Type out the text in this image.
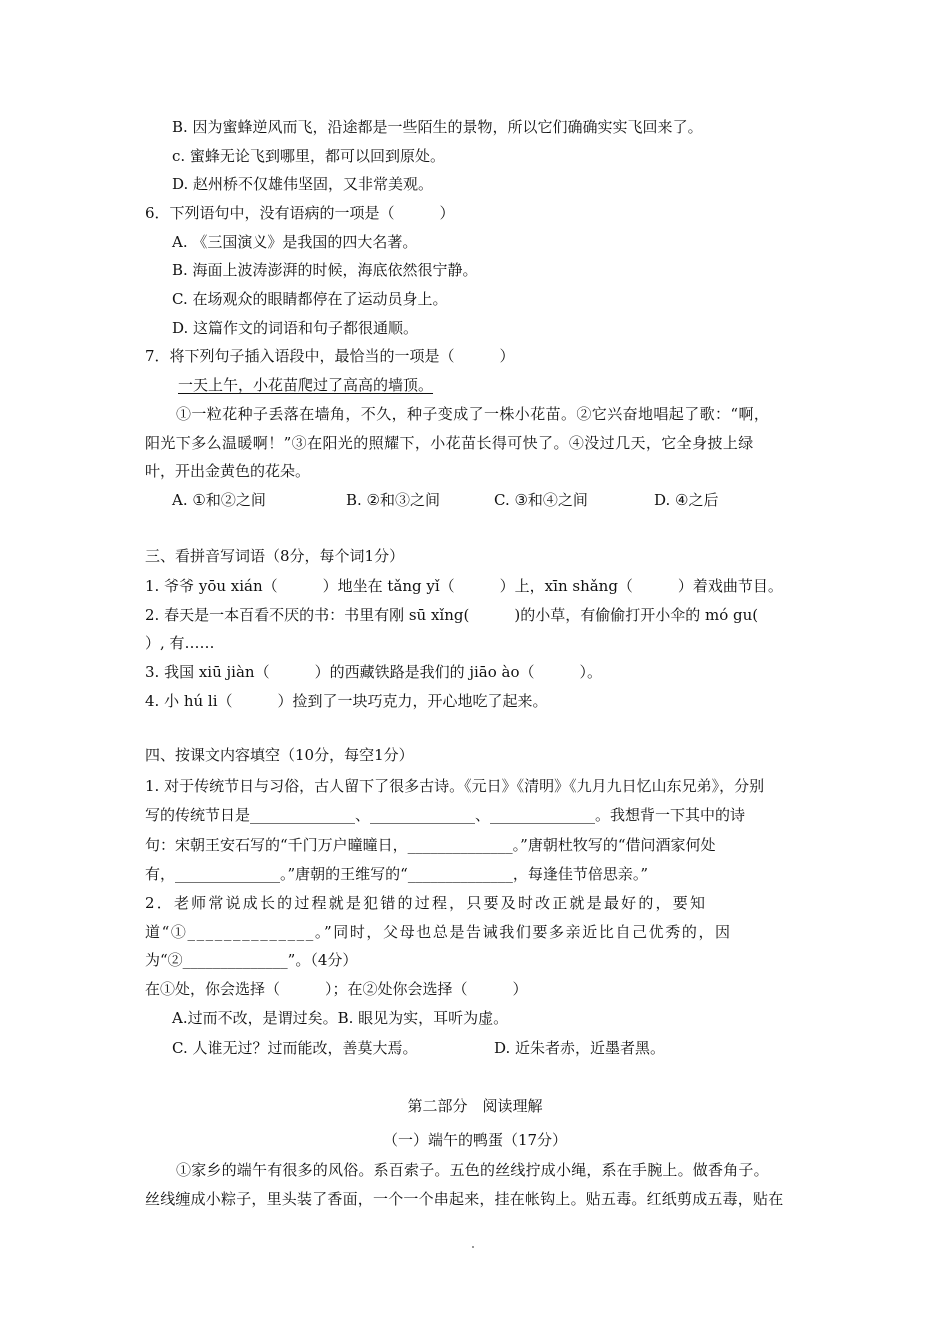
B. 因为蜜蜂逆风而飞，沿途都是一些陌生的景物，所以它们确确实实飞回来了。
c. 蜜蜂无论飞到哪里，都可以回到原处。
D. 赵州桥不仅雄伟坚固，又非常美观。
6．下列语句中，没有语病的一项是（　　　）
A. 《三国演义》是我国的四大名著。
B. 海面上波涛澎湃的时候，海底依然很宁静。
C. 在场观众的眼睛都停在了运动员身上。
D. 这篇作文的词语和句子都很通顺。
7．将下列句子插入语段中，最恰当的一项是（　　　）
一天上午，小花苗爬过了高高的墙顶。
①一粒花种子丢落在墙角，不久，种子变成了一株小花苗。②它兴奋地唱起了歌：“啊，
阳光下多么温暖啊！”③在阳光的照耀下，小花苗长得可快了。④没过几天，它全身披上绿
叶，开出金黄色的花朵。
A. ①和②之间	B. ②和③之间	C. ③和④之间	D. ④之后
三、看拼音写词语（8分，每个词1分）
1. 爷爷 yōu xián（　　　）地坐在 tǎng yǐ（　　　）上，xīn shǎng（　　　）着戏曲节目。
2. 春天是一本百看不厌的书：书里有刚 sū xǐng(　　　)的小草，有偷偷打开小伞的 mó gu(
）, 有……
3. 我国 xiū jiàn（　　　）的西藏铁路是我们的 jiāo ào（　　　）。
4. 小 hú li（　　　）捡到了一块巧克力，开心地吃了起来。
四、按课文内容填空（10分，每空1分）
1. 对于传统节日与习俗，古人留下了很多古诗。《元日》《清明》《九月九日忆山东兄弟》，分别
写的传统节日是______________、______________、______________。我想背一下其中的诗
句：宋朝王安石写的“千门万户曈曈日，______________。”唐朝杜牧写的“借问酒家何处
有，______________。”唐朝的王维写的“______________，每逢佳节倍思亲。”
2．老师常说成长的过程就是犯错的过程，只要及时改正就是最好的，要知
道“①______________。”同时，父母也总是告诫我们要多亲近比自己优秀的，因
为“②______________”。（4分）
在①处，你会选择（　　　）；在②处你会选择（　　　）
A.过而不改，是谓过矣。B. 眼见为实，耳听为虚。
C. 人谁无过？过而能改，善莫大焉。	D. 近朱者赤，近墨者黑。
第二部分　阅读理解
（一）端午的鸭蛋（17分）
①家乡的端午有很多的风俗。系百索子。五色的丝线拧成小绳，系在手腕上。做香角子。
丝线缠成小粽子，里头装了香面，一个一个串起来，挂在帐钩上。贴五毒。红纸剪成五毒，贴在
